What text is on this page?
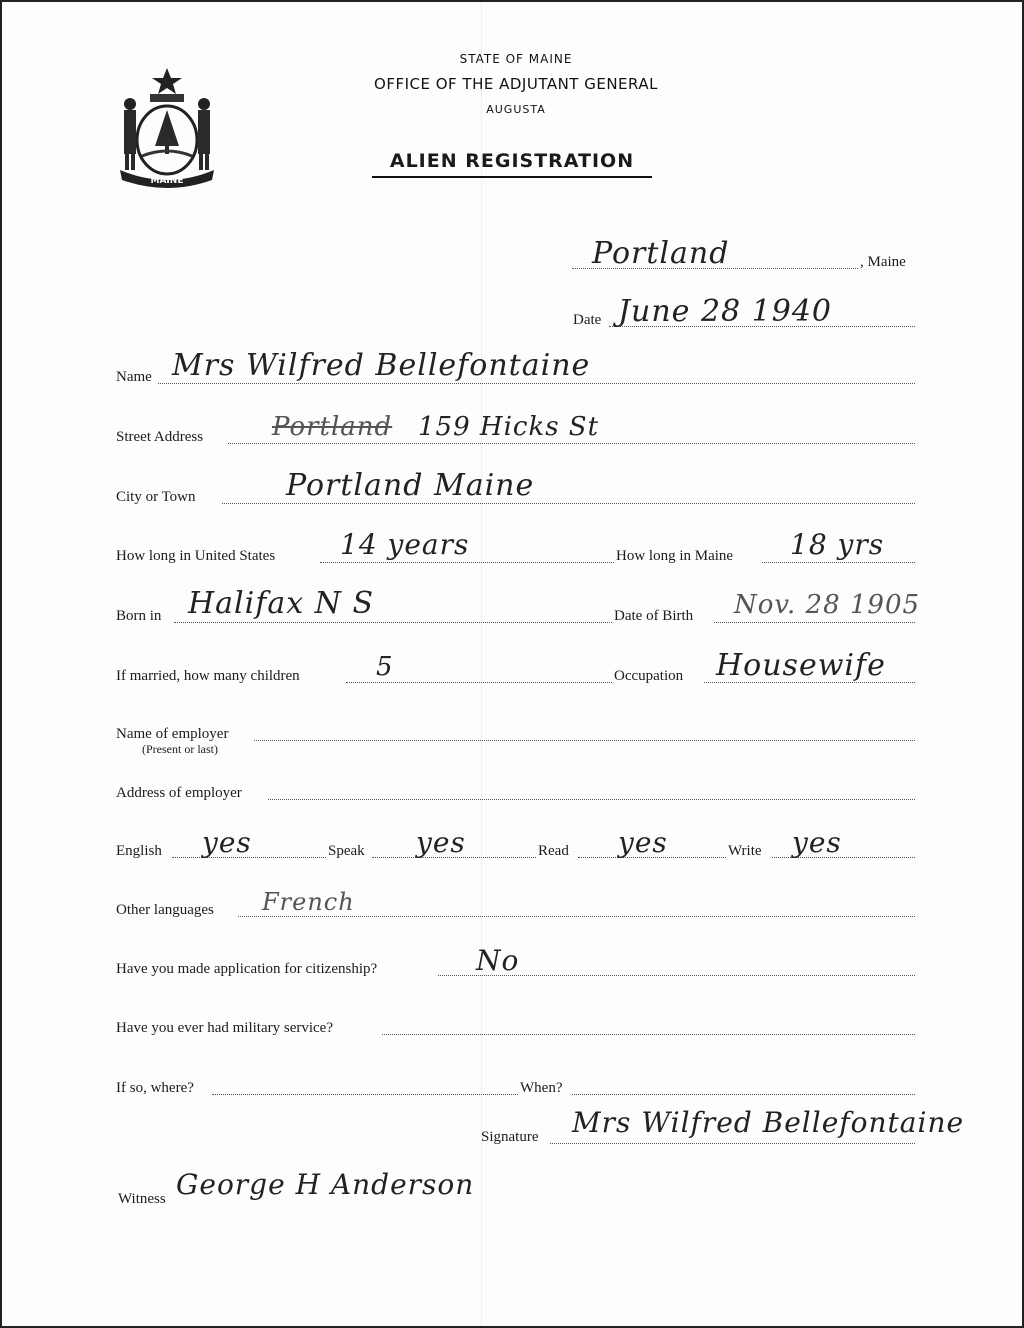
MAINE
STATE OF MAINE
OFFICE OF THE ADJUTANT GENERAL
AUGUSTA
ALIEN REGISTRATION
Portland	, Maine
Date June 28 1940
Name Mrs Wilfred Bellefontaine
Street Address	Portland 159 Hicks St
City or Town	Portland Maine
How long in United States 14 years	How long in Maine 18 yrs
Born in Halifax N S	Date of Birth Nov. 28 1905
If married, how many children	5	Occupation Housewife
Name of employer
(Present or last)
Address of employer
English yes	Speak yes	Read yes	Write yes
Other languages French
Have you made application for citizenship?	No
Have you ever had military service?
If so, where?	When?
Signature Mrs Wilfred Bellefontaine
Witness George H Anderson
